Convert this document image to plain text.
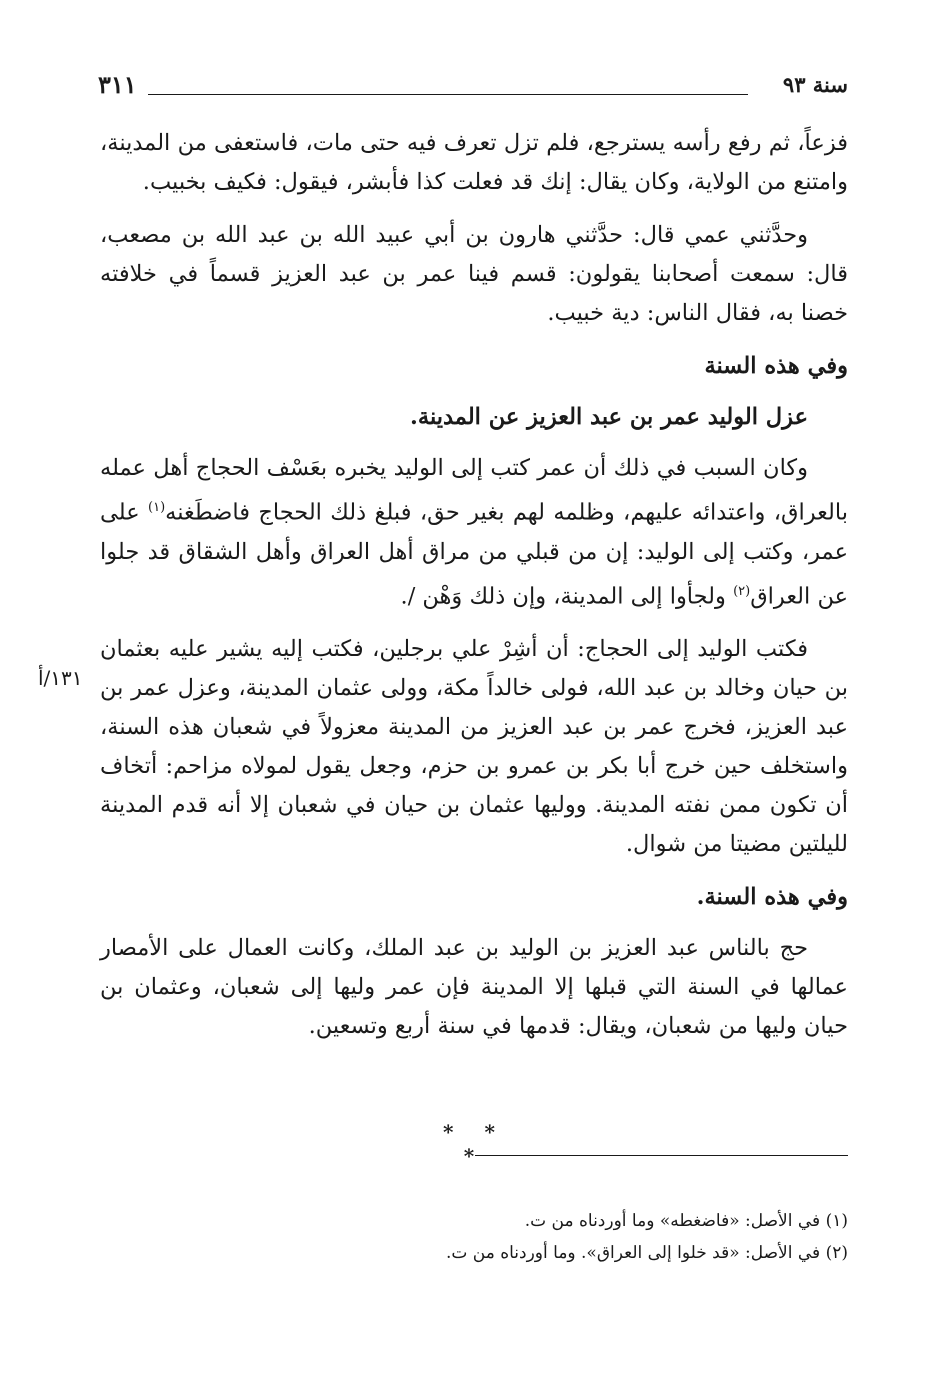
٣١١	سنة ٩٣
١٣١/أ

فزعاً، ثم رفع رأسه يسترجع، فلم تزل تعرف فيه حتى مات، فاستعفى من المدينة، وامتنع من الولاية، وكان يقال: إنك قد فعلت كذا فأبشر، فيقول: فكيف بخبيب.

وحدَّثني عمي قال: حدَّثني هارون بن أبي عبيد الله بن عبد الله بن مصعب، قال: سمعت أصحابنا يقولون: قسم فينا عمر بن عبد العزيز قسماً في خلافته خصنا به، فقال الناس: دية خبيب.

وفي هذه السنة
عزل الوليد عمر بن عبد العزيز عن المدينة.

وكان السبب في ذلك أن عمر كتب إلى الوليد يخبره بعَسْف الحجاج أهل عمله بالعراق، واعتدائه عليهم، وظلمه لهم بغير حق، فبلغ ذلك الحجاج فاضطَغنه$^{(١)}$ على عمر، وكتب إلى الوليد: إن من قبلي من مراق أهل العراق وأهل الشقاق قد جلوا عن العراق$^{(٢)}$ ولجأوا إلى المدينة، وإن ذلك وَهْن /.

فكتب الوليد إلى الحجاج: أن أشِرْ علي برجلين، فكتب إليه يشير عليه بعثمان بن حيان وخالد بن عبد الله، فولى خالداً مكة، وولى عثمان المدينة، وعزل عمر بن عبد العزيز، فخرج عمر بن عبد العزيز من المدينة معزولاً في شعبان هذه السنة، واستخلف حين خرج أبا بكر بن عمرو بن حزم، وجعل يقول لمولاه مزاحم: أتخاف أن تكون ممن نفته المدينة. ووليها عثمان بن حيان في شعبان إلا أنه قدم المدينة لليلتين مضيتا من شوال.

وفي هذه السنة.

حج بالناس عبد العزيز بن الوليد بن عبد الملك، وكانت العمال على الأمصار عمالها في السنة التي قبلها إلا المدينة فإن عمر وليها إلى شعبان، وعثمان بن حيان وليها من شعبان، ويقال: قدمها في سنة أربع وتسعين.

* * *

(١) في الأصل: «فاضغطه» وما أوردناه من ت.

(٢) في الأصل: «قد خلوا إلى العراق». وما أوردناه من ت.
